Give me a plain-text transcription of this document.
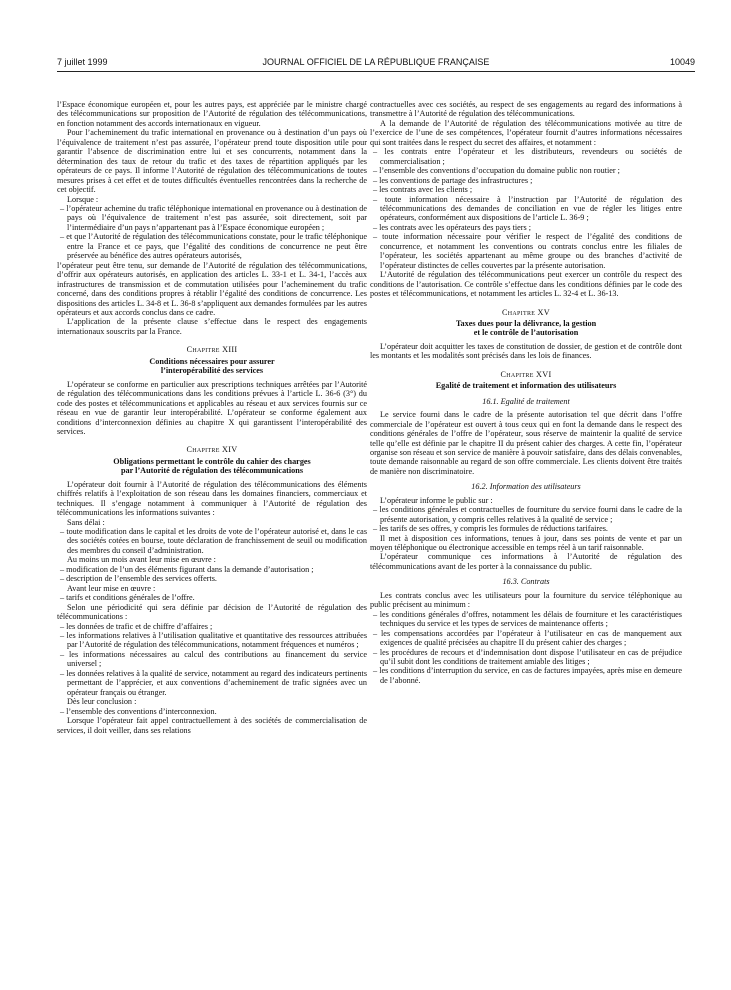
7 juillet 1999	JOURNAL OFFICIEL DE LA RÉPUBLIQUE FRANÇAISE	10049

l’Espace économique européen et, pour les autres pays, est appréciée par le ministre chargé des télécommunications sur proposition de l’Autorité de régulation des télécommunications, en fonction notamment des accords internationaux en vigueur.

Pour l’acheminement du trafic international en provenance ou à destination d’un pays où l’équivalence de traitement n’est pas assurée, l’opérateur prend toute disposition utile pour garantir l’absence de discrimination entre lui et ses concurrents, notamment dans la détermination des taux de retour du trafic et des taxes de répartition appliqués par les opérateurs de ce pays. Il informe l’Autorité de régulation des télécommunications de toutes mesures prises à cet effet et de toutes difficultés éventuelles rencontrées dans la recherche de cet objectif.

Lorsque :

– l’opérateur achemine du trafic téléphonique international en provenance ou à destination de pays où l’équivalence de traitement n’est pas assurée, soit directement, soit par l’intermédiaire d’un pays n’appartenant pas à l’Espace économique européen ;
– et que l’Autorité de régulation des télécommunications constate, pour le trafic téléphonique entre la France et ce pays, que l’égalité des conditions de concurrence ne peut être préservée au bénéfice des autres opérateurs autorisés,

l’opérateur peut être tenu, sur demande de l’Autorité de régulation des télécommunications, d’offrir aux opérateurs autorisés, en application des articles L. 33-1 et L. 34-1, l’accès aux infrastructures de transmission et de commutation utilisées pour l’acheminement du trafic concerné, dans des conditions propres à rétablir l’égalité des conditions de concurrence. Les dispositions des articles L. 34-8 et L. 36-8 s’appliquent aux demandes formulées par les autres opérateurs et aux accords conclus dans ce cadre.

L’application de la présente clause s’effectue dans le respect des engagements internationaux souscrits par la France.

Chapitre XIII
Conditions nécessaires pour assurer
l’interopérabilité des services

L’opérateur se conforme en particulier aux prescriptions techniques arrêtées par l’Autorité de régulation des télécommunications dans les conditions prévues à l’article L. 36-6 (3°) du code des postes et télécommunications et applicables au réseau et aux services fournis sur ce réseau en vue de garantir leur interopérabilité. L’opérateur se conforme également aux conditions d’interconnexion définies au chapitre X qui garantissent l’interopérabilité des services.

Chapitre XIV
Obligations permettant le contrôle du cahier des charges
par l’Autorité de régulation des télécommunications

L’opérateur doit fournir à l’Autorité de régulation des télécommunications des éléments chiffrés relatifs à l’exploitation de son réseau dans les domaines financiers, commerciaux et techniques. Il s’engage notamment à communiquer à l’Autorité de régulation des télécommunications les informations suivantes :

Sans délai :

– toute modification dans le capital et les droits de vote de l’opérateur autorisé et, dans le cas des sociétés cotées en bourse, toute déclaration de franchissement de seuil ou modification des membres du conseil d’administration.

Au moins un mois avant leur mise en œuvre :

– modification de l’un des éléments figurant dans la demande d’autorisation ;
– description de l’ensemble des services offerts.

Avant leur mise en œuvre :

– tarifs et conditions générales de l’offre.

Selon une périodicité qui sera définie par décision de l’Autorité de régulation des télécommunications :

– les données de trafic et de chiffre d’affaires ;
– les informations relatives à l’utilisation qualitative et quantitative des ressources attribuées par l’Autorité de régulation des télécommunications, notamment fréquences et numéros ;
– les informations nécessaires au calcul des contributions au financement du service universel ;
– les données relatives à la qualité de service, notamment au regard des indicateurs pertinents permettant de l’apprécier, et aux conventions d’acheminement de trafic signées avec un opérateur français ou étranger.

Dès leur conclusion :

– l’ensemble des conventions d’interconnexion.

Lorsque l’opérateur fait appel contractuellement à des sociétés de commercialisation de services, il doit veiller, dans ses relations

contractuelles avec ces sociétés, au respect de ses engagements au regard des informations à transmettre à l’Autorité de régulation des télécommunications.

A la demande de l’Autorité de régulation des télécommunications motivée au titre de l’exercice de l’une de ses compétences, l’opérateur fournit d’autres informations nécessaires qui sont traitées dans le respect du secret des affaires, et notamment :

– les contrats entre l’opérateur et les distributeurs, revendeurs ou sociétés de commercialisation ;
– l’ensemble des conventions d’occupation du domaine public non routier ;
– les conventions de partage des infrastructures ;
– les contrats avec les clients ;
– toute information nécessaire à l’instruction par l’Autorité de régulation des télécommunications des demandes de conciliation en vue de régler les litiges entre opérateurs, conformément aux dispositions de l’article L. 36-9 ;
– les contrats avec les opérateurs des pays tiers ;
– toute information nécessaire pour vérifier le respect de l’égalité des conditions de concurrence, et notamment les conventions ou contrats conclus entre les filiales de l’opérateur, les sociétés appartenant au même groupe ou des branches d’activité de l’opérateur distinctes de celles couvertes par la présente autorisation.

L’Autorité de régulation des télécommunications peut exercer un contrôle du respect des conditions de l’autorisation. Ce contrôle s’effectue dans les conditions définies par le code des postes et télécommunications, et notamment les articles L. 32-4 et L. 36-13.

Chapitre XV
Taxes dues pour la délivrance, la gestion
et le contrôle de l’autorisation

L’opérateur doit acquitter les taxes de constitution de dossier, de gestion et de contrôle dont les montants et les modalités sont précisés dans les lois de finances.

Chapitre XVI
Egalité de traitement et information des utilisateurs
16.1. Egalité de traitement

Le service fourni dans le cadre de la présente autorisation tel que décrit dans l’offre commerciale de l’opérateur est ouvert à tous ceux qui en font la demande dans le respect des conditions générales de l’offre de l’opérateur, sous réserve de maintenir la qualité de service telle qu’elle est définie par le chapitre II du présent cahier des charges. A cette fin, l’opérateur organise son réseau et son service de manière à pouvoir satisfaire, dans des délais convenables, toute demande raisonnable au regard de son offre commerciale. Les clients doivent être traités de manière non discriminatoire.

16.2. Information des utilisateurs

L’opérateur informe le public sur :

– les conditions générales et contractuelles de fourniture du service fourni dans le cadre de la présente autorisation, y compris celles relatives à la qualité de service ;
– les tarifs de ses offres, y compris les formules de réductions tarifaires.

Il met à disposition ces informations, tenues à jour, dans ses points de vente et par un moyen téléphonique ou électronique accessible en temps réel à un tarif raisonnable.

L’opérateur communique ces informations à l’Autorité de régulation des télécommunications avant de les porter à la connaissance du public.

16.3. Contrats

Les contrats conclus avec les utilisateurs pour la fourniture du service téléphonique au public précisent au minimum :

– les conditions générales d’offres, notamment les délais de fourniture et les caractéristiques techniques du service et les types de services de maintenance offerts ;
– les compensations accordées par l’opérateur à l’utilisateur en cas de manquement aux exigences de qualité précisées au chapitre II du présent cahier des charges ;
– les procédures de recours et d’indemnisation dont dispose l’utilisateur en cas de préjudice qu’il subit dont les conditions de traitement amiable des litiges ;
– les conditions d’interruption du service, en cas de factures impayées, après mise en demeure de l’abonné.
